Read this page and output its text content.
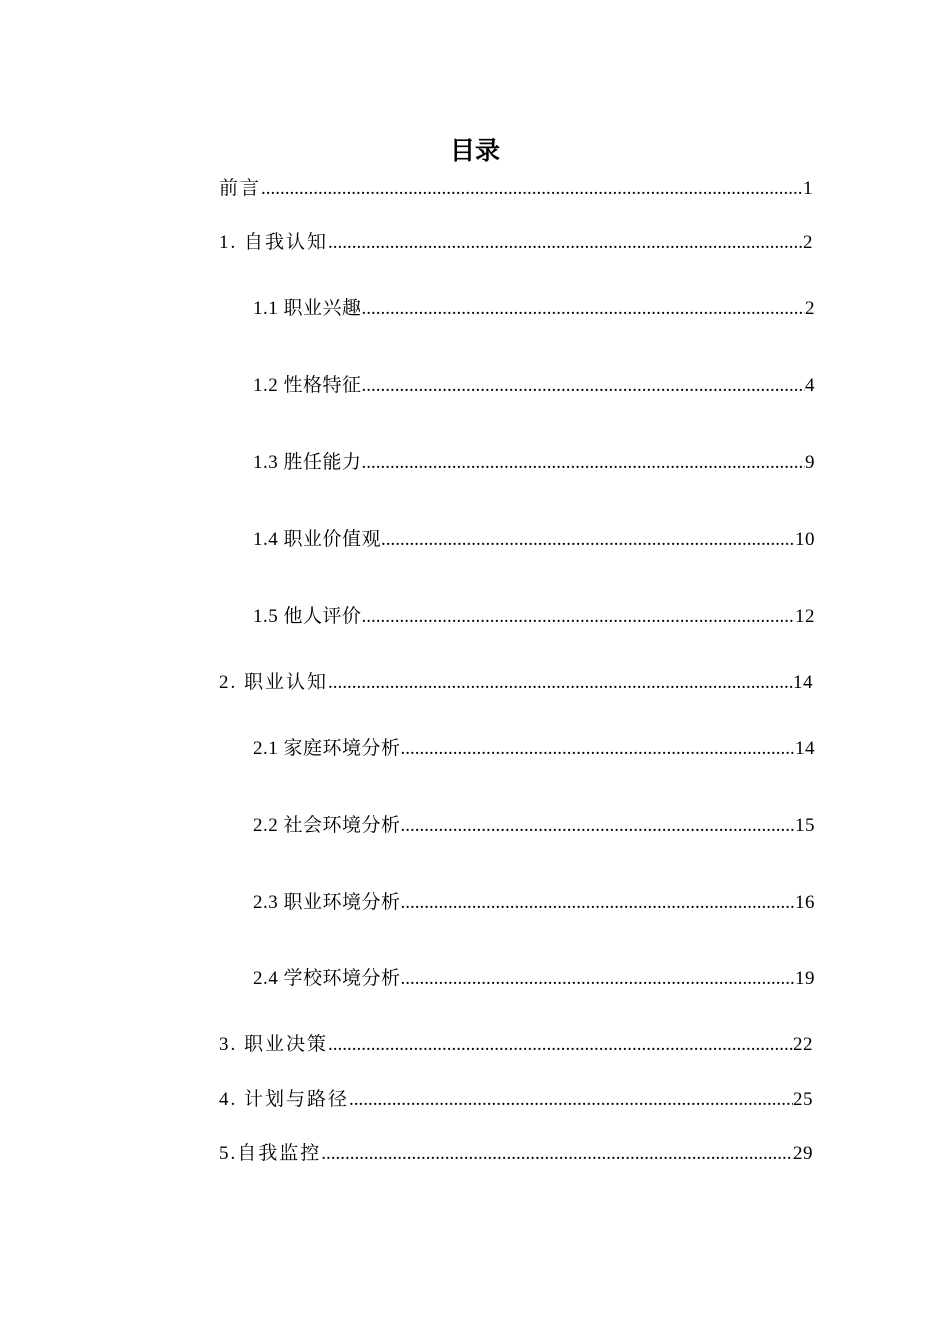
目录
前言 .....	1
1. 自我认知 .....	2
1.1 职业兴趣 .....	2
1.2 性格特征 .....	4
1.3 胜任能力 .....	9
1.4 职业价值观 .....	10
1.5 他人评价 .....	12
2. 职业认知 .....	14
2.1 家庭环境分析 .....	14
2.2 社会环境分析 .....	15
2.3 职业环境分析 .....	16
2.4 学校环境分析 .....	19
3. 职业决策 .....	22
4. 计划与路径 .....	25
5.自我监控 .....	29
